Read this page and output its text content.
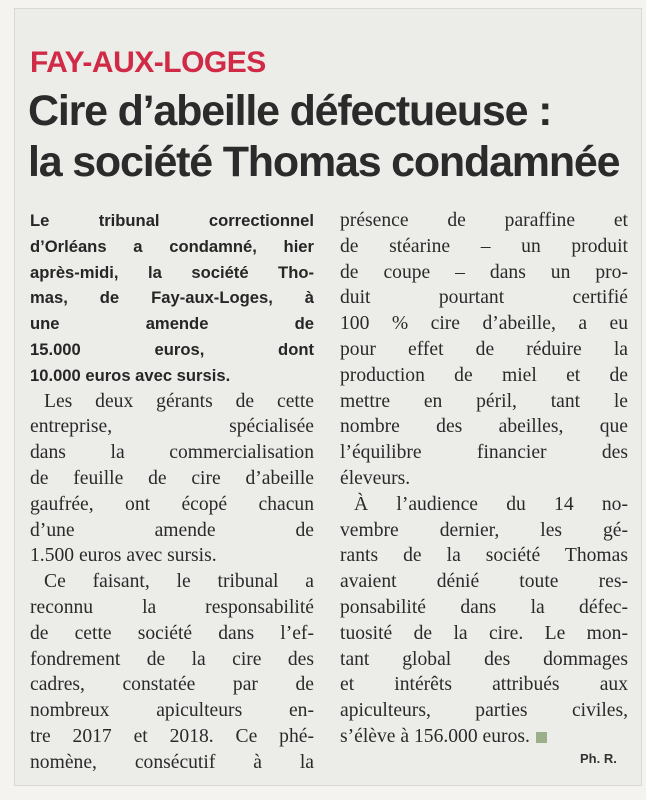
FAY-AUX-LOGES
Cire d’abeille défectueuse :
la société Thomas condamnée
Le tribunal correctionnel
d’Orléans a condamné, hier
après-midi, la société Tho-
mas, de Fay-aux-Loges, à
une amende de
15.000 euros, dont
10.000 euros avec sursis.
Les deux gérants de cette
entreprise, spécialisée
dans la commercialisation
de feuille de cire d’abeille
gaufrée, ont écopé chacun
d’une amende de
1.500 euros avec sursis.
Ce faisant, le tribunal a
reconnu la responsabilité
de cette société dans l’ef-
fondrement de la cire des
cadres, constatée par de
nombreux apiculteurs en-
tre 2017 et 2018. Ce phé-
nomène, consécutif à la
présence de paraffine et
de stéarine – un produit
de coupe – dans un pro-
duit pourtant certifié
100 % cire d’abeille, a eu
pour effet de réduire la
production de miel et de
mettre en péril, tant le
nombre des abeilles, que
l’équilibre financier des
éleveurs.
À l’audience du 14 no-
vembre dernier, les gé-
rants de la société Thomas
avaient dénié toute res-
ponsabilité dans la défec-
tuosité de la cire. Le mon-
tant global des dommages
et intérêts attribués aux
apiculteurs, parties civiles,
s’élève à 156.000 euros.
Ph. R.
